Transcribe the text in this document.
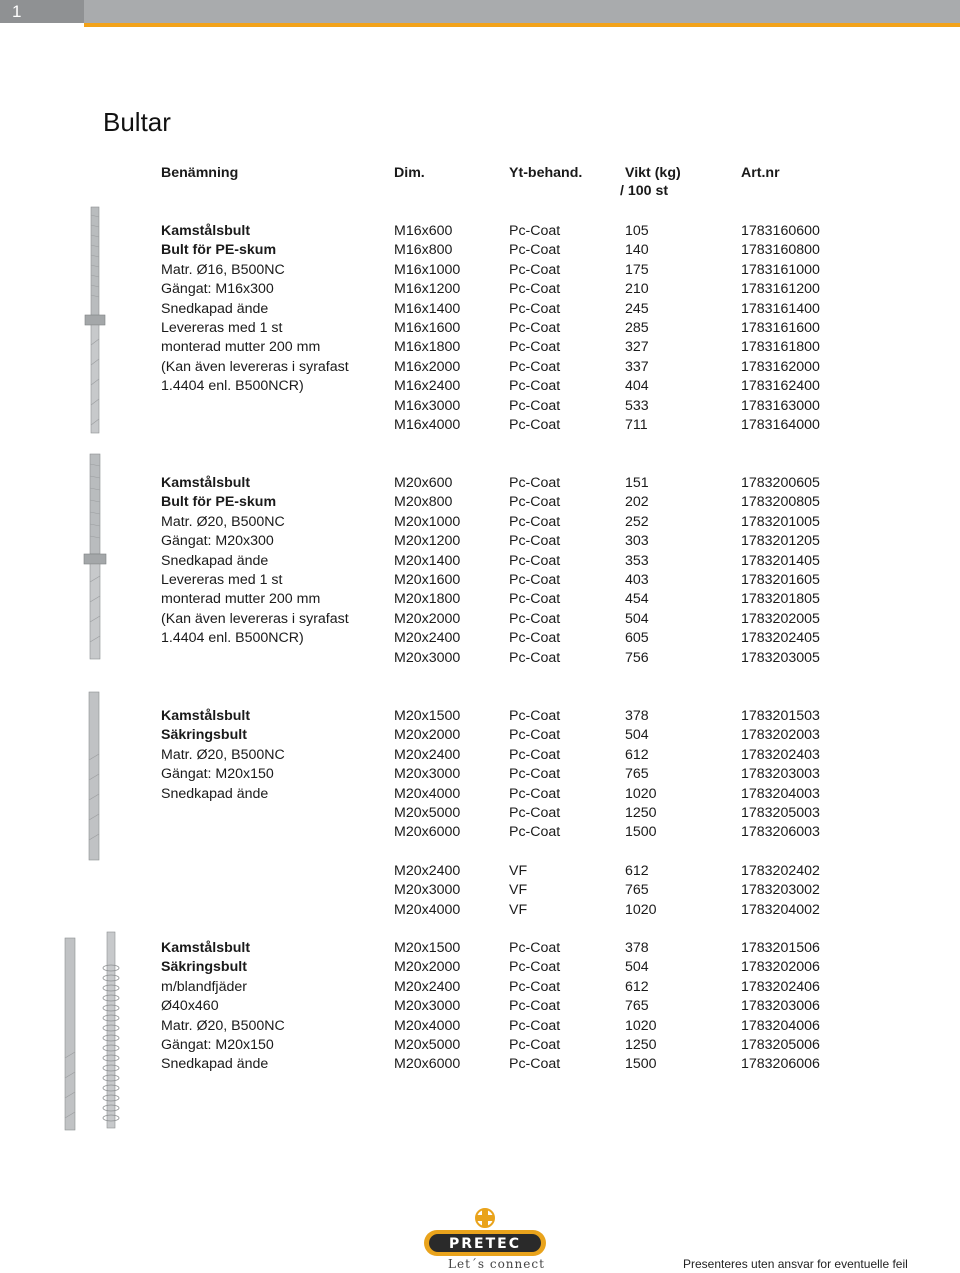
1
Bultar
Benämning	Dim.	Yt-behand.	Vikt (kg)	Art.nr
/ 100 st
Kamstålsbult	M16x600	Pc-Coat	105	1783160600
Bult för PE-skum	M16x800	Pc-Coat	140	1783160800
Matr. Ø16, B500NC	M16x1000	Pc-Coat	175	1783161000
Gängat: M16x300	M16x1200	Pc-Coat	210	1783161200
Snedkapad ände	M16x1400	Pc-Coat	245	1783161400
Levereras med 1 st	M16x1600	Pc-Coat	285	1783161600
monterad mutter 200 mm	M16x1800	Pc-Coat	327	1783161800
(Kan även levereras i syrafast	M16x2000	Pc-Coat	337	1783162000
1.4404 enl. B500NCR)	M16x2400	Pc-Coat	404	1783162400
M16x3000	Pc-Coat	533	1783163000
M16x4000	Pc-Coat	711	1783164000
Kamstålsbult	M20x600	Pc-Coat	151	1783200605
Bult för PE-skum	M20x800	Pc-Coat	202	1783200805
Matr. Ø20, B500NC	M20x1000	Pc-Coat	252	1783201005
Gängat: M20x300	M20x1200	Pc-Coat	303	1783201205
Snedkapad ände	M20x1400	Pc-Coat	353	1783201405
Levereras med 1 st	M20x1600	Pc-Coat	403	1783201605
monterad mutter 200 mm	M20x1800	Pc-Coat	454	1783201805
(Kan även levereras i syrafast	M20x2000	Pc-Coat	504	1783202005
1.4404 enl. B500NCR)	M20x2400	Pc-Coat	605	1783202405
M20x3000	Pc-Coat	756	1783203005
Kamstålsbult	M20x1500	Pc-Coat	378	1783201503
Säkringsbult	M20x2000	Pc-Coat	504	1783202003
Matr. Ø20, B500NC	M20x2400	Pc-Coat	612	1783202403
Gängat: M20x150	M20x3000	Pc-Coat	765	1783203003
Snedkapad ände	M20x4000	Pc-Coat	1020	1783204003
M20x5000	Pc-Coat	1250	1783205003
M20x6000	Pc-Coat	1500	1783206003
M20x2400	VF	612	1783202402
M20x3000	VF	765	1783203002
M20x4000	VF	1020	1783204002
Kamstålsbult	M20x1500	Pc-Coat	378	1783201506
Säkringsbult	M20x2000	Pc-Coat	504	1783202006
m/blandfjäder	M20x2400	Pc-Coat	612	1783202406
Ø40x460	M20x3000	Pc-Coat	765	1783203006
Matr. Ø20, B500NC	M20x4000	Pc-Coat	1020	1783204006
Gängat: M20x150	M20x5000	Pc-Coat	1250	1783205006
Snedkapad ände	M20x6000	Pc-Coat	1500	1783206006
PRETEC
Let´s connect	Presenteres uten ansvar for eventuelle feil
